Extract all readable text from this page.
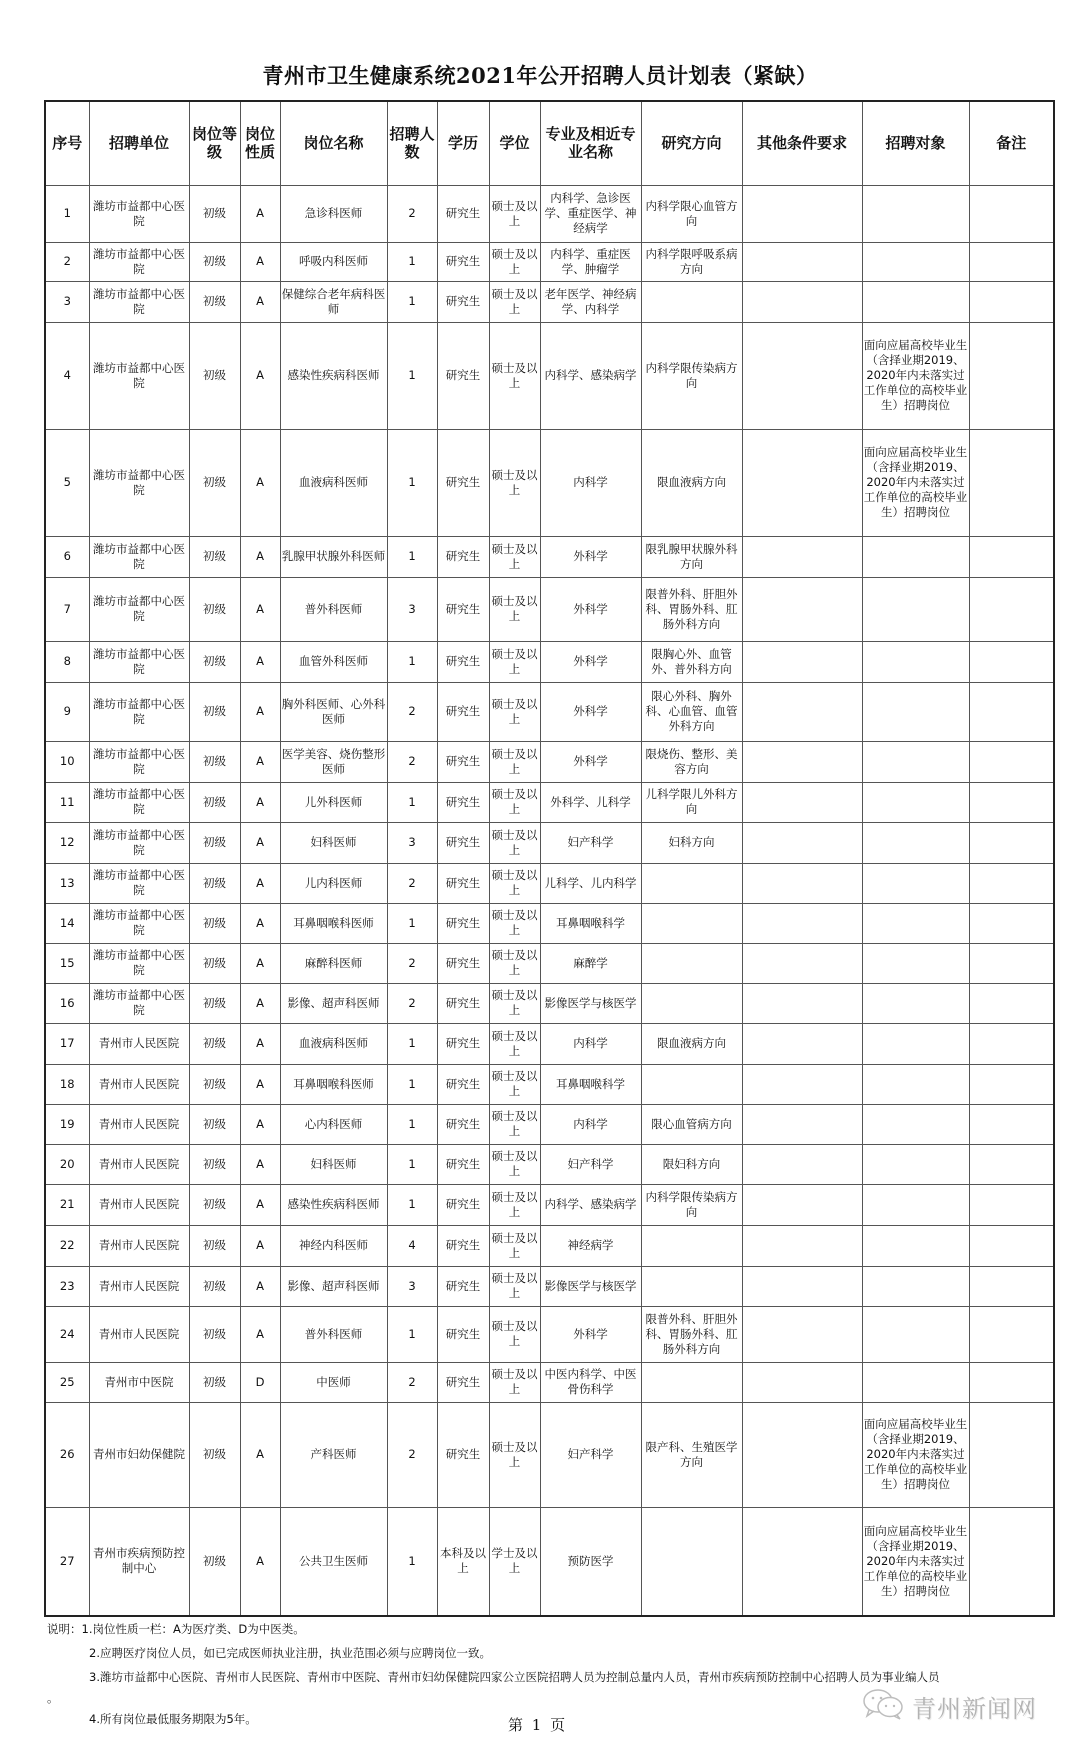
青州市卫生健康系统2021年公开招聘人员计划表（紧缺）
序号	招聘单位	岗位等级	岗位性质	岗位名称	招聘人数	学历	学位	专业及相近专业名称	研究方向	其他条件要求	招聘对象	备注
1	潍坊市益都中心医院	初级	A	急诊科医师	2	研究生	硕士及以上	内科学、急诊医学、重症医学、神经病学	内科学限心血管方向			
2	潍坊市益都中心医院	初级	A	呼吸内科医师	1	研究生	硕士及以上	内科学、重症医学、肿瘤学	内科学限呼吸系病方向			
3	潍坊市益都中心医院	初级	A	保健综合老年病科医师	1	研究生	硕士及以上	老年医学、神经病学、内科学				
4	潍坊市益都中心医院	初级	A	感染性疾病科医师	1	研究生	硕士及以上	内科学、感染病学	内科学限传染病方向		面向应届高校毕业生（含择业期2019、2020年内未落实过工作单位的高校毕业生）招聘岗位	
5	潍坊市益都中心医院	初级	A	血液病科医师	1	研究生	硕士及以上	内科学	限血液病方向		面向应届高校毕业生（含择业期2019、2020年内未落实过工作单位的高校毕业生）招聘岗位	
6	潍坊市益都中心医院	初级	A	乳腺甲状腺外科医师	1	研究生	硕士及以上	外科学	限乳腺甲状腺外科方向			
7	潍坊市益都中心医院	初级	A	普外科医师	3	研究生	硕士及以上	外科学	限普外科、肝胆外科、胃肠外科、肛肠外科方向			
8	潍坊市益都中心医院	初级	A	血管外科医师	1	研究生	硕士及以上	外科学	限胸心外、血管外、普外科方向			
9	潍坊市益都中心医院	初级	A	胸外科医师、心外科医师	2	研究生	硕士及以上	外科学	限心外科、胸外科、心血管、血管外科方向			
10	潍坊市益都中心医院	初级	A	医学美容、烧伤整形医师	2	研究生	硕士及以上	外科学	限烧伤、整形、美容方向			
11	潍坊市益都中心医院	初级	A	儿外科医师	1	研究生	硕士及以上	外科学、儿科学	儿科学限儿外科方向			
12	潍坊市益都中心医院	初级	A	妇科医师	3	研究生	硕士及以上	妇产科学	妇科方向			
13	潍坊市益都中心医院	初级	A	儿内科医师	2	研究生	硕士及以上	儿科学、儿内科学				
14	潍坊市益都中心医院	初级	A	耳鼻咽喉科医师	1	研究生	硕士及以上	耳鼻咽喉科学				
15	潍坊市益都中心医院	初级	A	麻醉科医师	2	研究生	硕士及以上	麻醉学				
16	潍坊市益都中心医院	初级	A	影像、超声科医师	2	研究生	硕士及以上	影像医学与核医学				
17	青州市人民医院	初级	A	血液病科医师	1	研究生	硕士及以上	内科学	限血液病方向			
18	青州市人民医院	初级	A	耳鼻咽喉科医师	1	研究生	硕士及以上	耳鼻咽喉科学				
19	青州市人民医院	初级	A	心内科医师	1	研究生	硕士及以上	内科学	限心血管病方向			
20	青州市人民医院	初级	A	妇科医师	1	研究生	硕士及以上	妇产科学	限妇科方向			
21	青州市人民医院	初级	A	感染性疾病科医师	1	研究生	硕士及以上	内科学、感染病学	内科学限传染病方向			
22	青州市人民医院	初级	A	神经内科医师	4	研究生	硕士及以上	神经病学				
23	青州市人民医院	初级	A	影像、超声科医师	3	研究生	硕士及以上	影像医学与核医学				
24	青州市人民医院	初级	A	普外科医师	1	研究生	硕士及以上	外科学	限普外科、肝胆外科、胃肠外科、肛肠外科方向			
25	青州市中医院	初级	D	中医师	2	研究生	硕士及以上	中医内科学、中医骨伤科学				
26	青州市妇幼保健院	初级	A	产科医师	2	研究生	硕士及以上	妇产科学	限产科、生殖医学方向		面向应届高校毕业生（含择业期2019、2020年内未落实过工作单位的高校毕业生）招聘岗位	
27	青州市疾病预防控制中心	初级	A	公共卫生医师	1	本科及以上	学士及以上	预防医学			面向应届高校毕业生（含择业期2019、2020年内未落实过工作单位的高校毕业生）招聘岗位	
说明：1.岗位性质一栏：A为医疗类、D为中医类。
2.应聘医疗岗位人员，如已完成医师执业注册，执业范围必须与应聘岗位一致。
3.潍坊市益都中心医院、青州市人民医院、青州市中医院、青州市妇幼保健院四家公立医院招聘人员为控制总量内人员，青州市疾病预防控制中心招聘人员为事业编人员
。
4.所有岗位最低服务期限为5年。	第 1 页
青州新闻网
